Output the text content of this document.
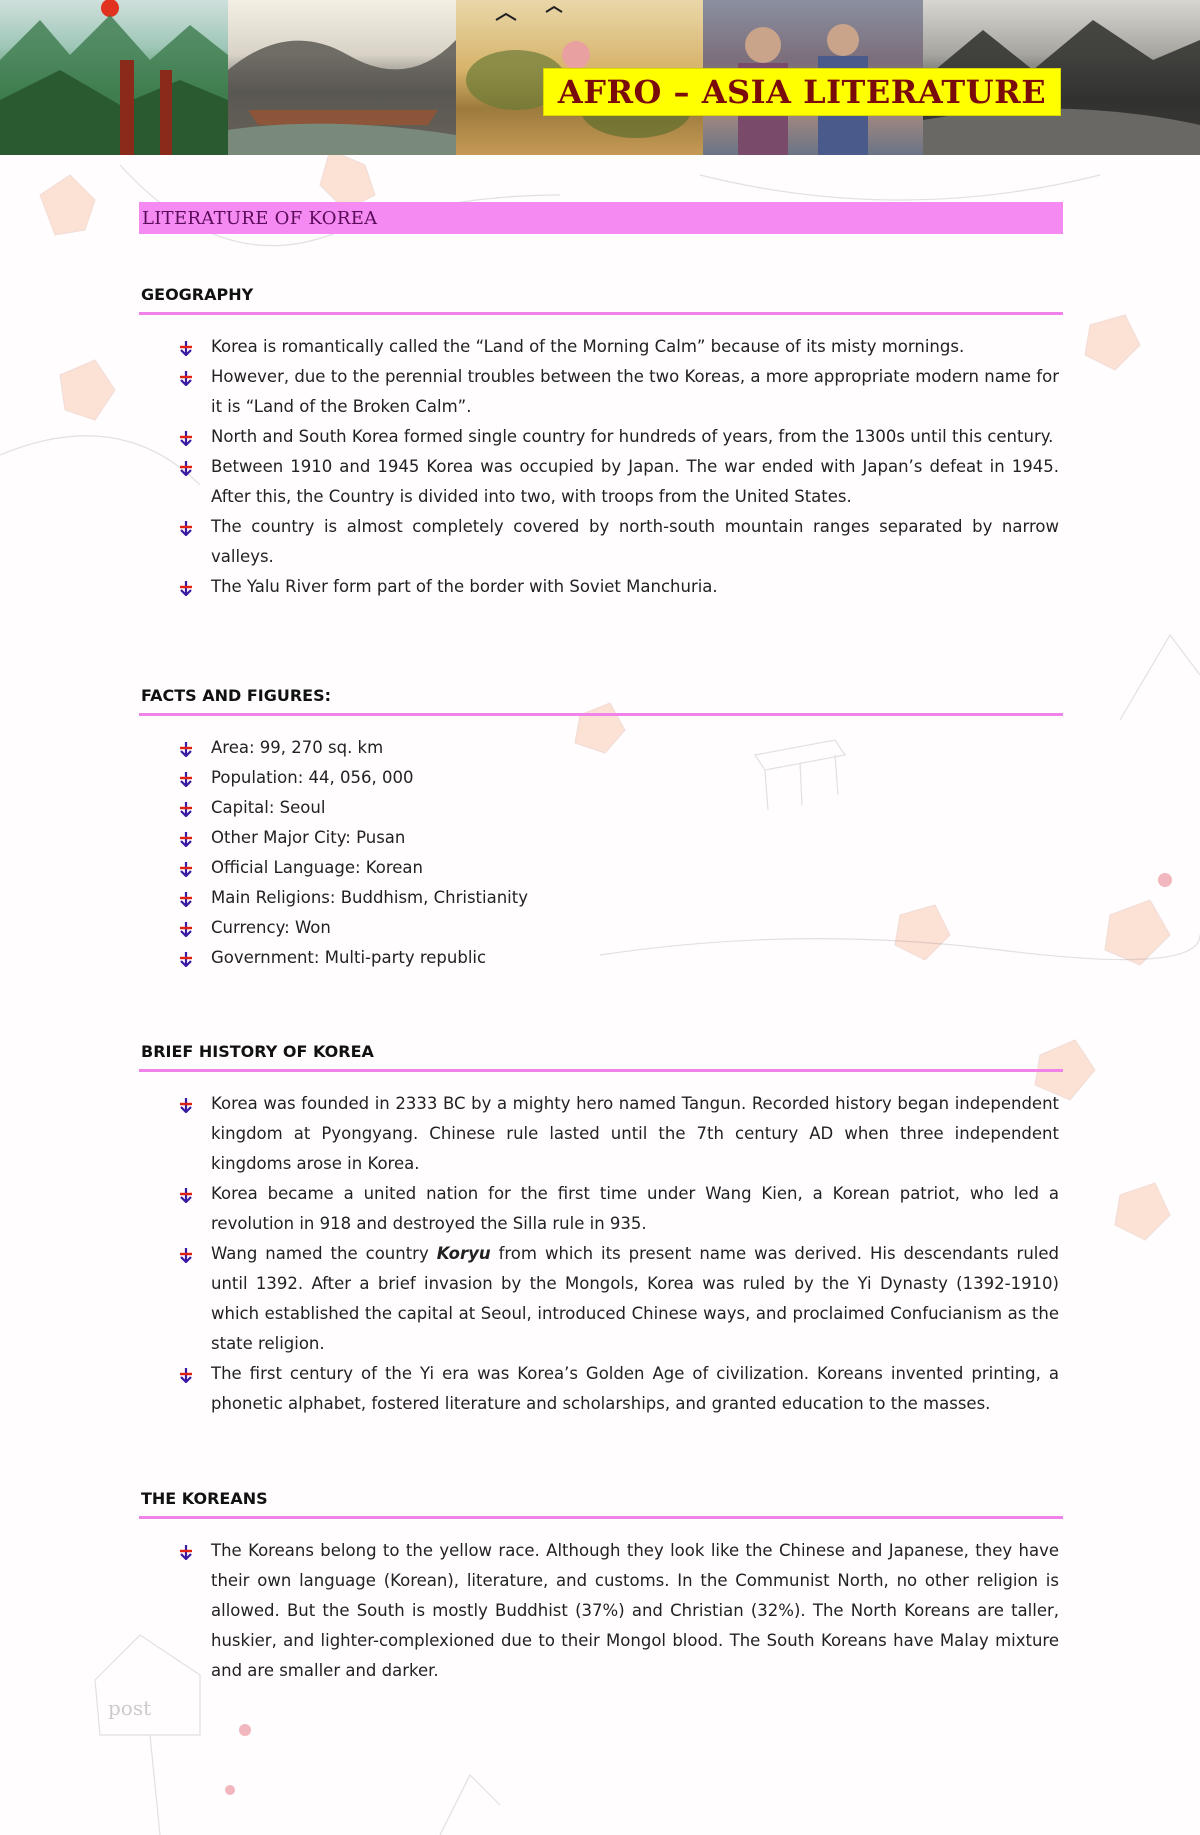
post
AFRO – ASIA LITERATURE
LITERATURE OF KOREA
GEOGRAPHY
Korea is romantically called the “Land of the Morning Calm” because of its misty mornings.
However, due to the perennial troubles between the two Koreas, a more appropriate modern name for it is “Land of the Broken Calm”.
North and South Korea formed single country for hundreds of years, from the 1300s until this century.
Between 1910 and 1945 Korea was occupied by Japan. The war ended with Japan’s defeat in 1945. After this, the Country is divided into two, with troops from the United States.
The country is almost completely covered by north-south mountain ranges separated by narrow valleys.
The Yalu River form part of the border with Soviet Manchuria.
FACTS AND FIGURES:
Area: 99, 270 sq. km
Population: 44, 056, 000
Capital: Seoul
Other Major City: Pusan
Official Language: Korean
Main Religions: Buddhism, Christianity
Currency: Won
Government: Multi-party republic
BRIEF HISTORY OF KOREA
Korea was founded in 2333 BC by a mighty hero named Tangun. Recorded history began independent kingdom at Pyongyang. Chinese rule lasted until the 7th century AD when three independent kingdoms arose in Korea.
Korea became a united nation for the first time under Wang Kien, a Korean patriot, who led a revolution in 918 and destroyed the Silla rule in 935.
Wang named the country Koryu from which its present name was derived. His descendants ruled until 1392. After a brief invasion by the Mongols, Korea was ruled by the Yi Dynasty (1392-1910) which established the capital at Seoul, introduced Chinese ways, and proclaimed Confucianism as the state religion.
The first century of the Yi era was Korea’s Golden Age of civilization. Koreans invented printing, a phonetic alphabet, fostered literature and scholarships, and granted education to the masses.
THE KOREANS
The Koreans belong to the yellow race. Although they look like the Chinese and Japanese, they have their own language (Korean), literature, and customs. In the Communist North, no other religion is allowed. But the South is mostly Buddhist (37%) and Christian (32%). The North Koreans are taller, huskier, and lighter-complexioned due to their Mongol blood. The South Koreans have Malay mixture and are smaller and darker.
